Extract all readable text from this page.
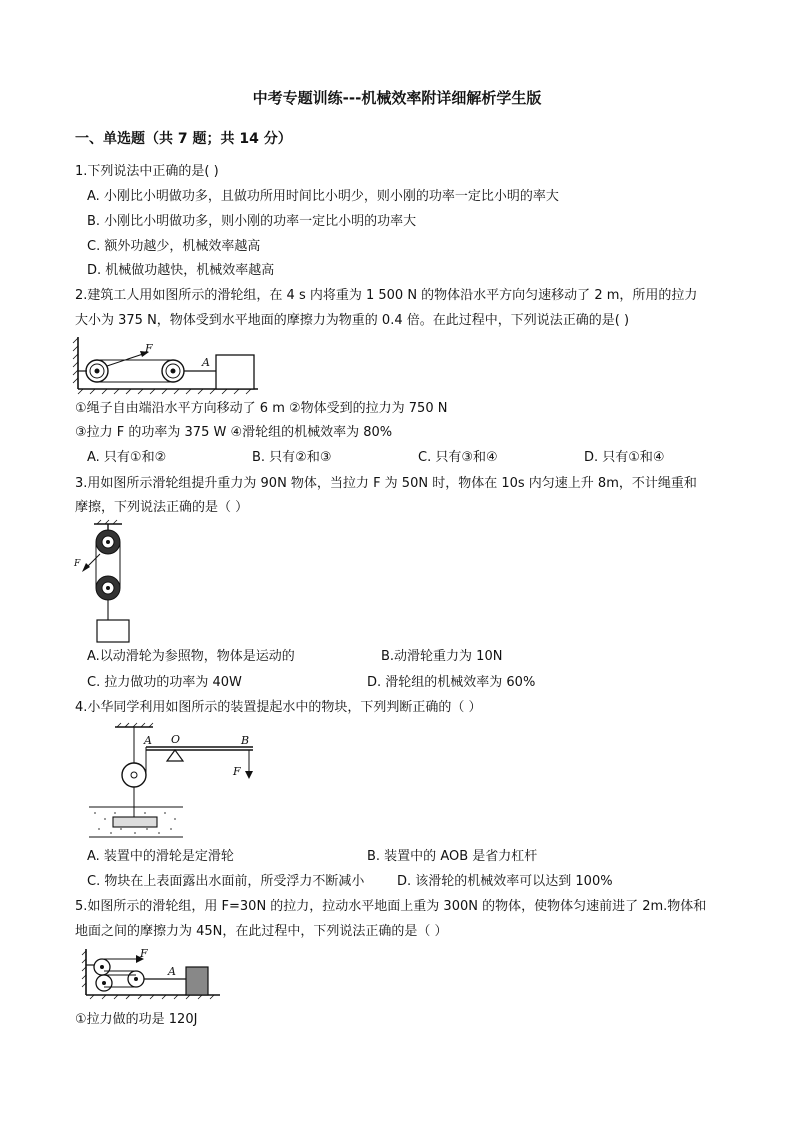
中考专题训练---机械效率附详细解析学生版
一、单选题（共 7 题；共 14 分）
1.下列说法中正确的是( )
A. 小刚比小明做功多，且做功所用时间比小明少，则小刚的功率一定比小明的率大
B. 小刚比小明做功多，则小刚的功率一定比小明的功率大
C. 额外功越少，机械效率越高
D. 机械做功越快，机械效率越高
2.建筑工人用如图所示的滑轮组，在 4 s 内将重为 1 500 N 的物体沿水平方向匀速移动了 2 m，所用的拉力
大小为 375 N，物体受到水平地面的摩擦力为物重的 0.4 倍。在此过程中，下列说法正确的是( )
F
A
①绳子自由端沿水平方向移动了 6 m ②物体受到的拉力为 750 N
③拉力 F 的功率为 375 W ④滑轮组的机械效率为 80%
A. 只有①和②	B. 只有②和③	C. 只有③和④	D. 只有①和④
3.用如图所示滑轮组提升重力为 90N 物体，当拉力 F 为 50N 时，物体在 10s 内匀速上升 8m，不计绳重和
摩擦，下列说法正确的是（ ）
F
A.以动滑轮为参照物，物体是运动的	B.动滑轮重力为 10N
C. 拉力做功的功率为 40W	D. 滑轮组的机械效率为 60%
4.小华同学利用如图所示的装置提起水中的物块，下列判断正确的（ ）
A O	B
F
A. 装置中的滑轮是定滑轮	B. 装置中的 AOB 是省力杠杆
C. 物块在上表面露出水面前，所受浮力不断减小	D. 该滑轮的机械效率可以达到 100%
5.如图所示的滑轮组，用 F=30N 的拉力，拉动水平地面上重为 300N 的物体，使物体匀速前进了 2m.物体和
地面之间的摩擦力为 45N，在此过程中，下列说法正确的是（ ）
F
A
①拉力做的功是 120J
